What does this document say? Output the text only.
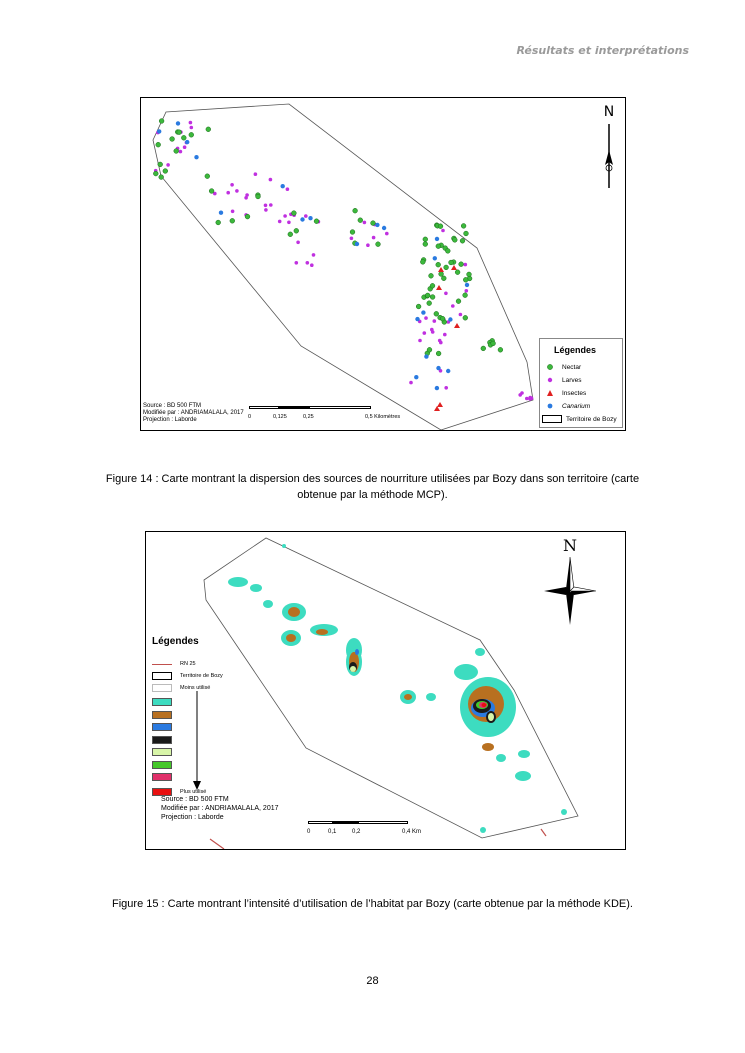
Résultats et interprétations
N
Source : BD 500 FTM
Modifiée par : ANDRIAMALALA, 2017
Projection : Laborde	0	0,125	0,25	0,5 Kilomètres
Légendes
Nectar
Larves
Insectes
Canarium
Territoire de Bozy
Figure 14 : Carte montrant la dispersion des sources de nourriture utilisées par Bozy dans son territoire (carte obtenue par la méthode MCP).
N
Légendes
RN 25
Territoire de Bozy
Moins utilisé
Plus utilisé
Source : BD 500 FTM
Modifiée par : ANDRIAMALALA, 2017
Projection : Laborde
0	0,1	0,2	0,4 Km
Figure 15 : Carte montrant l’intensité d’utilisation de l’habitat par Bozy (carte obtenue par la méthode KDE).
28
